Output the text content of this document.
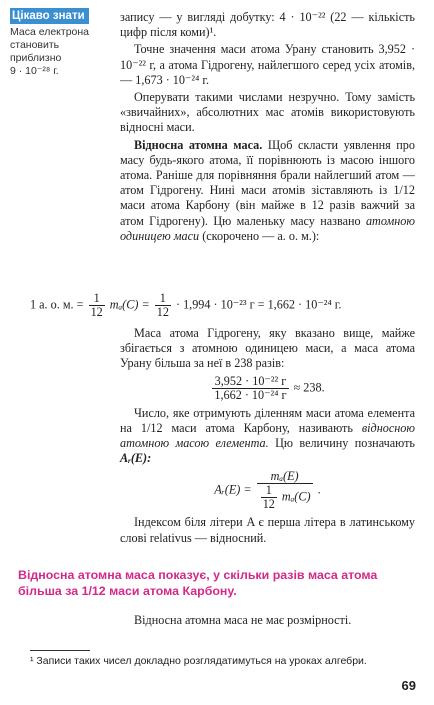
Цікаво знати
Маса електрона
становить
приблизно
9 · 10⁻²⁸ г.

запису — у вигляді добутку: 4 · 10⁻²² (22 — кількість цифр після коми)¹.

Точне значення маси атома Урану становить 3,952 · 10⁻²² г, а атома Гідрогену, найлегшого серед усіх атомів, — 1,673 · 10⁻²⁴ г.

Оперувати такими числами незручно. Тому замість «звичайних», абсолютних мас атомів використовують відносні маси.

Відносна атомна маса. Щоб скласти уявлення про масу будь-якого атома, її порівнюють із масою іншого атома. Раніше для порівняння брали найлегший атом — атом Гідрогену. Нині маси атомів зіставляють із 1/12 маси атома Карбону (він майже в 12 разів важчий за атом Гідрогену). Цю маленьку масу названо атомною одиницею маси (скорочено — а. о. м.):

1 а. о. м. = $\frac{1}{12} m_a(C) = \frac{1}{12} \cdot 1,994 \cdot 10^{-23}$ г = 1,662 · 10⁻²⁴ г.

Маса атома Гідрогену, яку вказано вище, майже збігається з атомною одиницею маси, а маса атома Урану більша за неї в 238 разів:

$\frac{\text{3,952 · 10⁻²² г}}{\text{1,662 · 10⁻²⁴ г}} \approx 238$.

Число, яке отримують діленням маси атома елемента на 1/12 маси атома Карбону, називають відносною атомною масою елемента. Цю величину позначають Aᵣ(E):

Aᵣ(E) = $\frac{\text{mₐ(E)}}{\frac{1}{12} m_a(C)}$ .

Індексом біля літери A є перша літера в латинському слові relativus — відносний.

Відносна атомна маса показує, у скільки разів маса атома більша за 1/12 маси атома Карбону.

Відносна атомна маса не має розмірності.

¹ Записи таких чисел докладно розглядатимуться на уроках алгебри.
69
